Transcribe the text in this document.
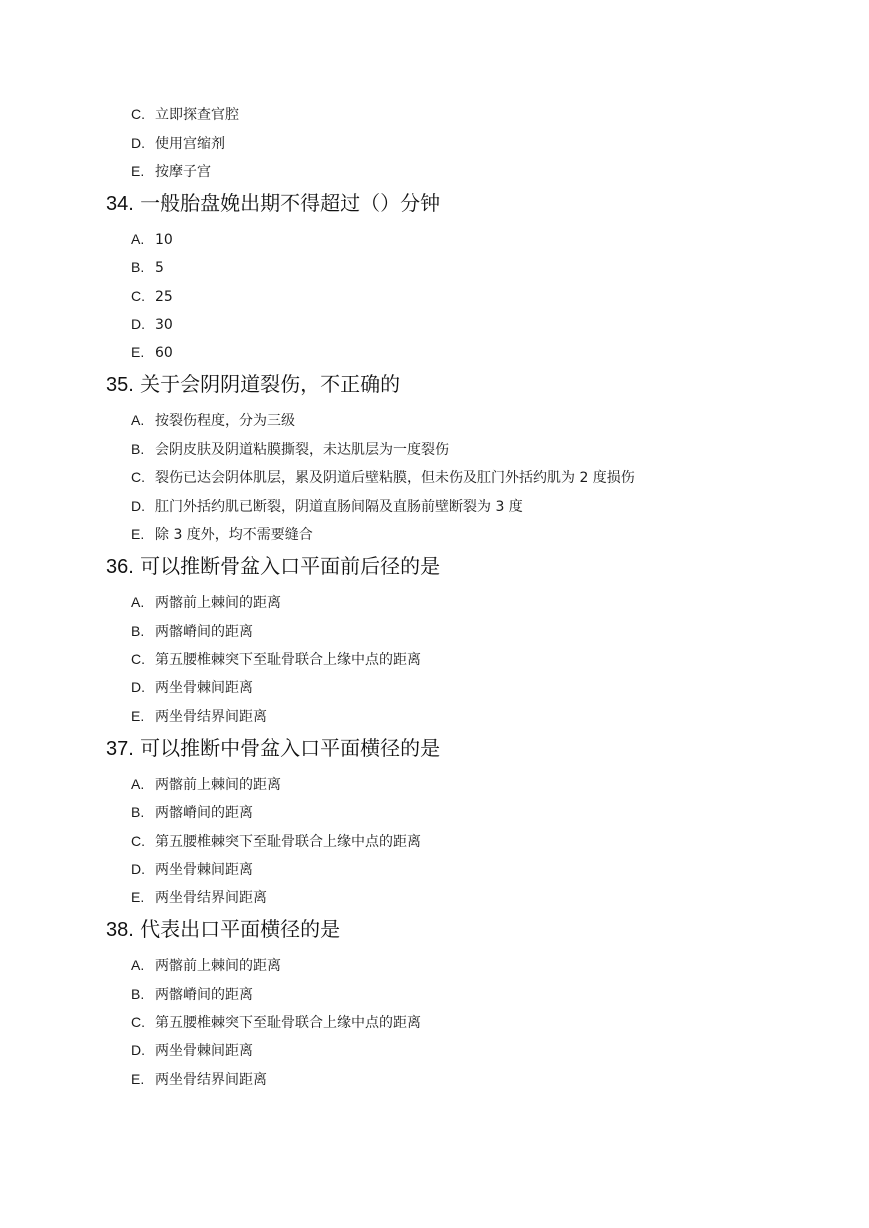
C. 立即探查官腔
D. 使用宫缩剂
E. 按摩子宫
34. 一般胎盘娩出期不得超过（）分钟
A. 10
B. 5
C. 25
D. 30
E. 60
35. 关于会阴阴道裂伤，不正确的
A. 按裂伤程度，分为三级
B. 会阴皮肤及阴道粘膜撕裂，未达肌层为一度裂伤
C. 裂伤已达会阴体肌层，累及阴道后壁粘膜，但未伤及肛门外括约肌为 2 度损伤
D. 肛门外括约肌已断裂，阴道直肠间隔及直肠前壁断裂为 3 度
E. 除 3 度外，均不需要缝合
36. 可以推断骨盆入口平面前后径的是
A. 两髂前上棘间的距离
B. 两髂嵴间的距离
C. 第五腰椎棘突下至耻骨联合上缘中点的距离
D. 两坐骨棘间距离
E. 两坐骨结界间距离
37. 可以推断中骨盆入口平面横径的是
A. 两髂前上棘间的距离
B. 两髂嵴间的距离
C. 第五腰椎棘突下至耻骨联合上缘中点的距离
D. 两坐骨棘间距离
E. 两坐骨结界间距离
38. 代表出口平面横径的是
A. 两髂前上棘间的距离
B. 两髂嵴间的距离
C. 第五腰椎棘突下至耻骨联合上缘中点的距离
D. 两坐骨棘间距离
E. 两坐骨结界间距离
